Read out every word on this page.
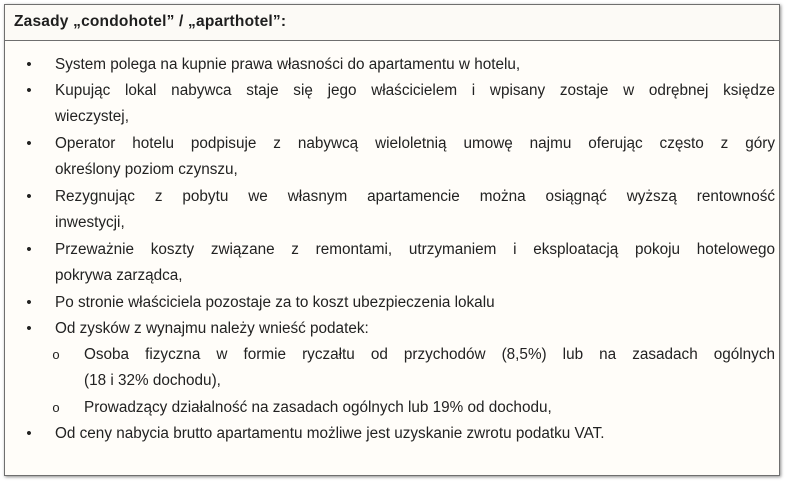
Zasady „condohotel” / „aparthotel”:
• System polega na kupnie prawa własności do apartamentu w hotelu,
• Kupując lokal nabywca staje się jego właścicielem i wpisany zostaje w odrębnej księdze
wieczystej,
• Operator hotelu podpisuje z nabywcą wieloletnią umowę najmu oferując często z góry
określony poziom czynszu,
• Rezygnując z pobytu we własnym apartamencie można osiągnąć wyższą rentowność
inwestycji,
• Przeważnie koszty związane z remontami, utrzymaniem i eksploatacją pokoju hotelowego
pokrywa zarządca,
• Po stronie właściciela pozostaje za to koszt ubezpieczenia lokalu
• Od zysków z wynajmu należy wnieść podatek:
o Osoba fizyczna w formie ryczałtu od przychodów (8,5%) lub na zasadach ogólnych
(18 i 32% dochodu),
o Prowadzący działalność na zasadach ogólnych lub 19% od dochodu,
• Od ceny nabycia brutto apartamentu możliwe jest uzyskanie zwrotu podatku VAT.
